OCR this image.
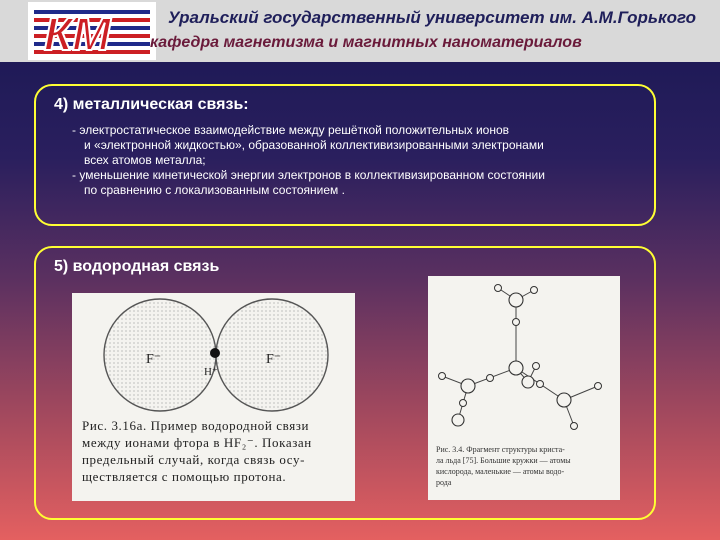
КМ	Уральский государственный университет им. А.М.Горького
кафедра магнетизма и магнитных наноматериалов
4) металлическая связь:
- электростатическое взаимодействие между решёткой положительных ионов
и «электронной жидкостью», образованной коллективизированными электронами
всех атомов металла;
- уменьшение кинетической энергии электронов в коллективизированном состоянии
по сравнению с локализованным состоянием .
5) водородная связь
F⁻	F⁻
H⁺
Рис. 3.16а. Пример водородной связи
между ионами фтора в HF₂⁻. Показан
предельный случай, когда связь осу-
ществляется с помощью протона.
Рис. 3.4. Фрагмент структуры криста-
ла льда [75]. Большие кружки — атомы
кислорода, маленькие — атомы водо-
рода
